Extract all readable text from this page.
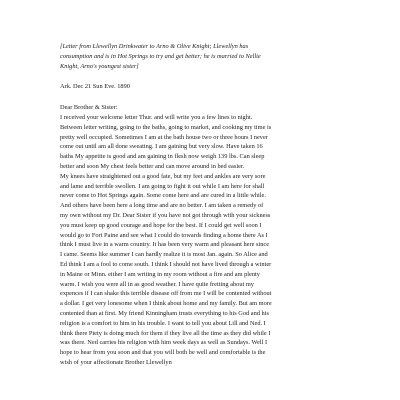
[Letter from Llewellyn Drinkwater to Arno & Olive Knight; Llewellyn has
consumption and is in Hot Springs to try and get better; he is married to Nellie
Knight, Arno's youngest sister]

Ark. Dec 21 Sun Eve. 1890

Dear Brother & Sister:

I received your welcome letter Thur. and will write you a few lines to night.
Between letter writing, going to the baths, going to market, and cooking my time is
pretty well occupied. Sometimes I am at the bath house two or three hours I never
come out until am all done sweating. I am gaining but very slow. Have taken 16
baths My appetite is good and am gaining in flesh now weigh 139 lbs. Can sleep
better and soon My chest feels better and can move around in bed easier.
My knees have straightened out a good fate, but my feet and ankles are very sore
and lame and terrible swollen. I am going to fight it out while I am here for shall
never come to Hot Springs again. Some come here and are cured in a little while.
And others have been here a long time and are no better. I am taken a remedy of
my own without my Dr. Dear Sister if you have not got through with your sickness
you must keep up good courage and hope for the best. If I could get well soon I
would go to Fort Paine and see what I could do towards finding a home there As I
think I must live in a warm country. It has been very warm and pleasant here since
I came. Seems like summer I can hardly realize it is most Jan. again. So Alice and
Ed think I am a fool to come south. I think I should not have lived through a winter
in Maine or Minn. either I am writing in my room without a fire and am plenty
warm. I wish you were all in as good weather. I have quite fretting about my
expences if I can shake this terrible disease off from me I will be contented without
a dollar. I get very lonesome when I think about home and my family. But am more
contented than at first. My friend Kinningham trusts everything to his God and his
religion is a comfort to him in his trouble. I want to tell you about Lill and Ned. I
think there Piety is doing much for them if they live all the time as they did while I
was there. Ned carries his religion with him week days as well as Sundays. Well I
hope to hear from you soon and that you will both be well and comfortable is the
wish of your affectionate Brother Llewellyn
